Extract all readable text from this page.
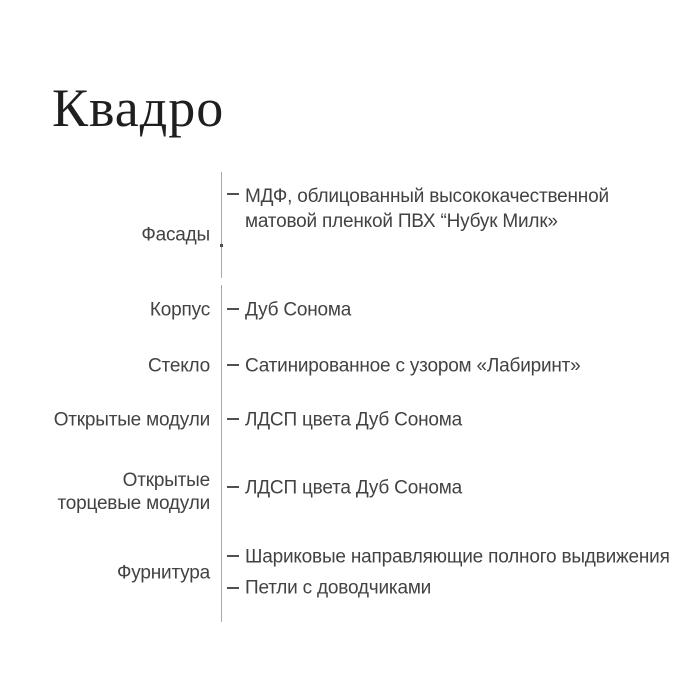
Квадро
Фасады
МДФ, облицованный высококачественной матовой пленкой ПВХ “Нубук Милк»
Корпус Дуб Сонома
Стекло Сатинированное с узором «Лабиринт»
Открытые модули ЛДСП цвета Дуб Сонома
Открытые
торцевые модули
ЛДСП цвета Дуб Сонома
Фурнитура
Шариковые направляющие полного выдвижения
Петли с доводчиками
